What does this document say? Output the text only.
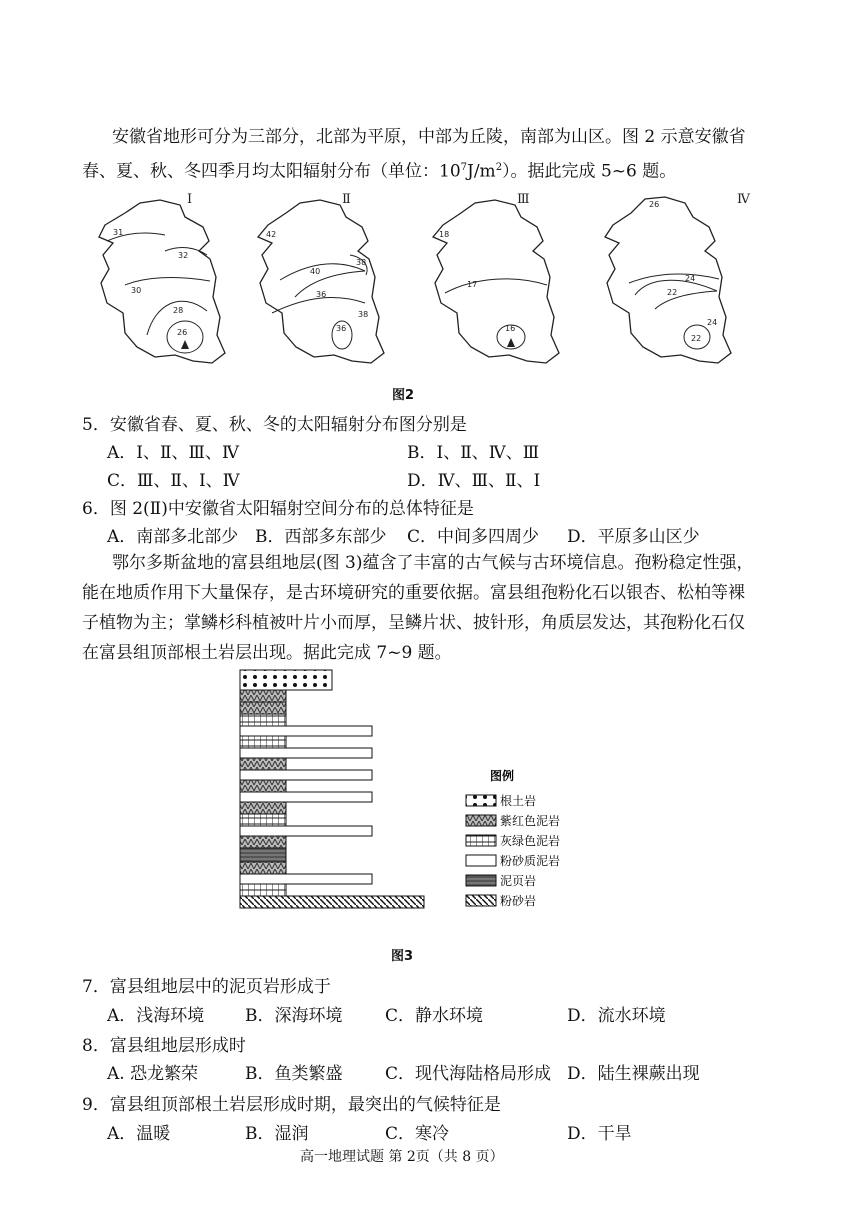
安徽省地形可分为三部分，北部为平原，中部为丘陵，南部为山区。图 2 示意安徽省
春、夏、秋、冬四季月均太阳辐射分布（单位：$10^7J/m^2$）。据此完成 5~6 题。
Ⅰ
31
32
30
28
26
Ⅱ
42
40
38
36
38
36
Ⅲ
18
17
16
Ⅳ
26
24
22
24
22
图2
5．安徽省春、夏、秋、冬的太阳辐射分布图分别是
A．Ⅰ、Ⅱ、Ⅲ、Ⅳ	B．Ⅰ、Ⅱ、Ⅳ、Ⅲ
C．Ⅲ、Ⅱ、Ⅰ、Ⅳ	D．Ⅳ、Ⅲ、Ⅱ、Ⅰ
6．图 2(Ⅱ)中安徽省太阳辐射空间分布的总体特征是
A．南部多北部少 B．西部多东部少 C．中间多四周少 D．平原多山区少
鄂尔多斯盆地的富县组地层(图 3)蕴含了丰富的古气候与古环境信息。孢粉稳定性强，
能在地质作用下大量保存，是古环境研究的重要依据。富县组孢粉化石以银杏、松柏等裸
子植物为主；掌鳞杉科植被叶片小而厚，呈鳞片状、披针形，角质层发达，其孢粉化石仅
在富县组顶部根土岩层出现。据此完成 7~9 题。
图例
根土岩
紫红色泥岩
灰绿色泥岩
粉砂质泥岩
泥页岩
粉砂岩
图3
7．富县组地层中的泥页岩形成于
A．浅海环境 B．深海环境	C．静水环境	D．流水环境
8．富县组地层形成时
A. 恐龙繁荣	B．鱼类繁盛	C．现代海陆格局形成 D．陆生裸蕨出现
9．富县组顶部根土岩层形成时期，最突出的气候特征是
A．温暖	B．湿润	C．寒冷	D．干旱
高一地理试题 第 2页（共 8 页）
